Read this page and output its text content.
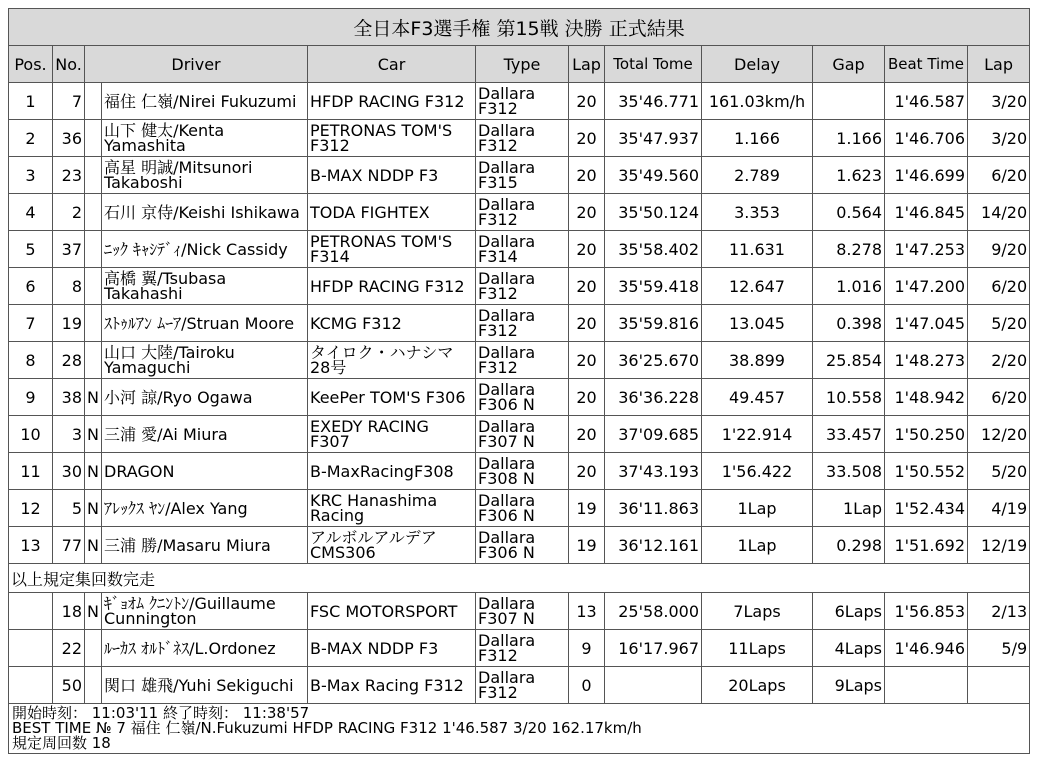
全日本F3選手権 第15戦 決勝 正式結果											
Pos.	No.	Driver		Car	Type	Lap	Total Tome	Delay	Gap	Beat Time	Lap
1	7		福住 仁嶺/Nirei Fukuzumi	HFDP RACING F312	Dallara F312	20	35'46.771	161.03km/h		1'46.587	3/20
2	36		山下 健太/Kenta Yamashita	PETRONAS TOM'S F312	Dallara F312	20	35'47.937	1.166	1.166	1'46.706	3/20
3	23		高星 明誠/Mitsunori Takaboshi	B-MAX NDDP F3	Dallara F315	20	35'49.560	2.789	1.623	1'46.699	6/20
4	2		石川 京侍/Keishi Ishikawa	TODA FIGHTEX	Dallara F312	20	35'50.124	3.353	0.564	1'46.845	14/20
5	37		ﾆｯｸ ｷｬｼﾃﾞｨ/Nick Cassidy	PETRONAS TOM'S F314	Dallara F314	20	35'58.402	11.631	8.278	1'47.253	9/20
6	8		高橋 翼/Tsubasa Takahashi	HFDP RACING F312	Dallara F312	20	35'59.418	12.647	1.016	1'47.200	6/20
7	19		ｽﾄｩﾙｱﾝ ﾑｰｱ/Struan Moore	KCMG F312	Dallara F312	20	35'59.816	13.045	0.398	1'47.045	5/20
8	28		山口 大陸/Tairoku Yamaguchi	タイロク・ハナシマ 28号	Dallara F312	20	36'25.670	38.899	25.854	1'48.273	2/20
9	38	N	小河 諒/Ryo Ogawa	KeePer TOM'S F306	Dallara F306 N	20	36'36.228	49.457	10.558	1'48.942	6/20
10	3	N	三浦 愛/Ai Miura	EXEDY RACING F307	Dallara F307 N	20	37'09.685	1'22.914	33.457	1'50.250	12/20
11	30	N	DRAGON	B-MaxRacingF308	Dallara F308 N	20	37'43.193	1'56.422	33.508	1'50.552	5/20
12	5	N	ｱﾚｯｸｽ ﾔﾝ/Alex Yang	KRC Hanashima Racing	Dallara F306 N	19	36'11.863	1Lap	1Lap	1'52.434	4/19
13	77	N	三浦 勝/Masaru Miura	アルボルアルデア CMS306	Dallara F306 N	19	36'12.161	1Lap	0.298	1'51.692	12/19
以上規定集回数完走											
	18	N	ｷﾞｮｵﾑ ｸﾆﾝﾄﾝ/Guillaume Cunnington	FSC MOTORSPORT	Dallara F307 N	13	25'58.000	7Laps	6Laps	1'56.853	2/13
	22		ﾙｰｶｽ ｵﾙﾄﾞﾈｽ/L.Ordonez	B-MAX NDDP F3	Dallara F312	9	16'17.967	11Laps	4Laps	1'46.946	5/9
	50		関口 雄飛/Yuhi Sekiguchi	B-Max Racing F312	Dallara F312	0		20Laps	9Laps		

開始時刻： 11:03'11 終了時刻： 11:38'57
BEST TIME № 7 福住 仁嶺/N.Fukuzumi HFDP RACING F312 1'46.587 3/20 162.17km/h
規定周回数 18											
